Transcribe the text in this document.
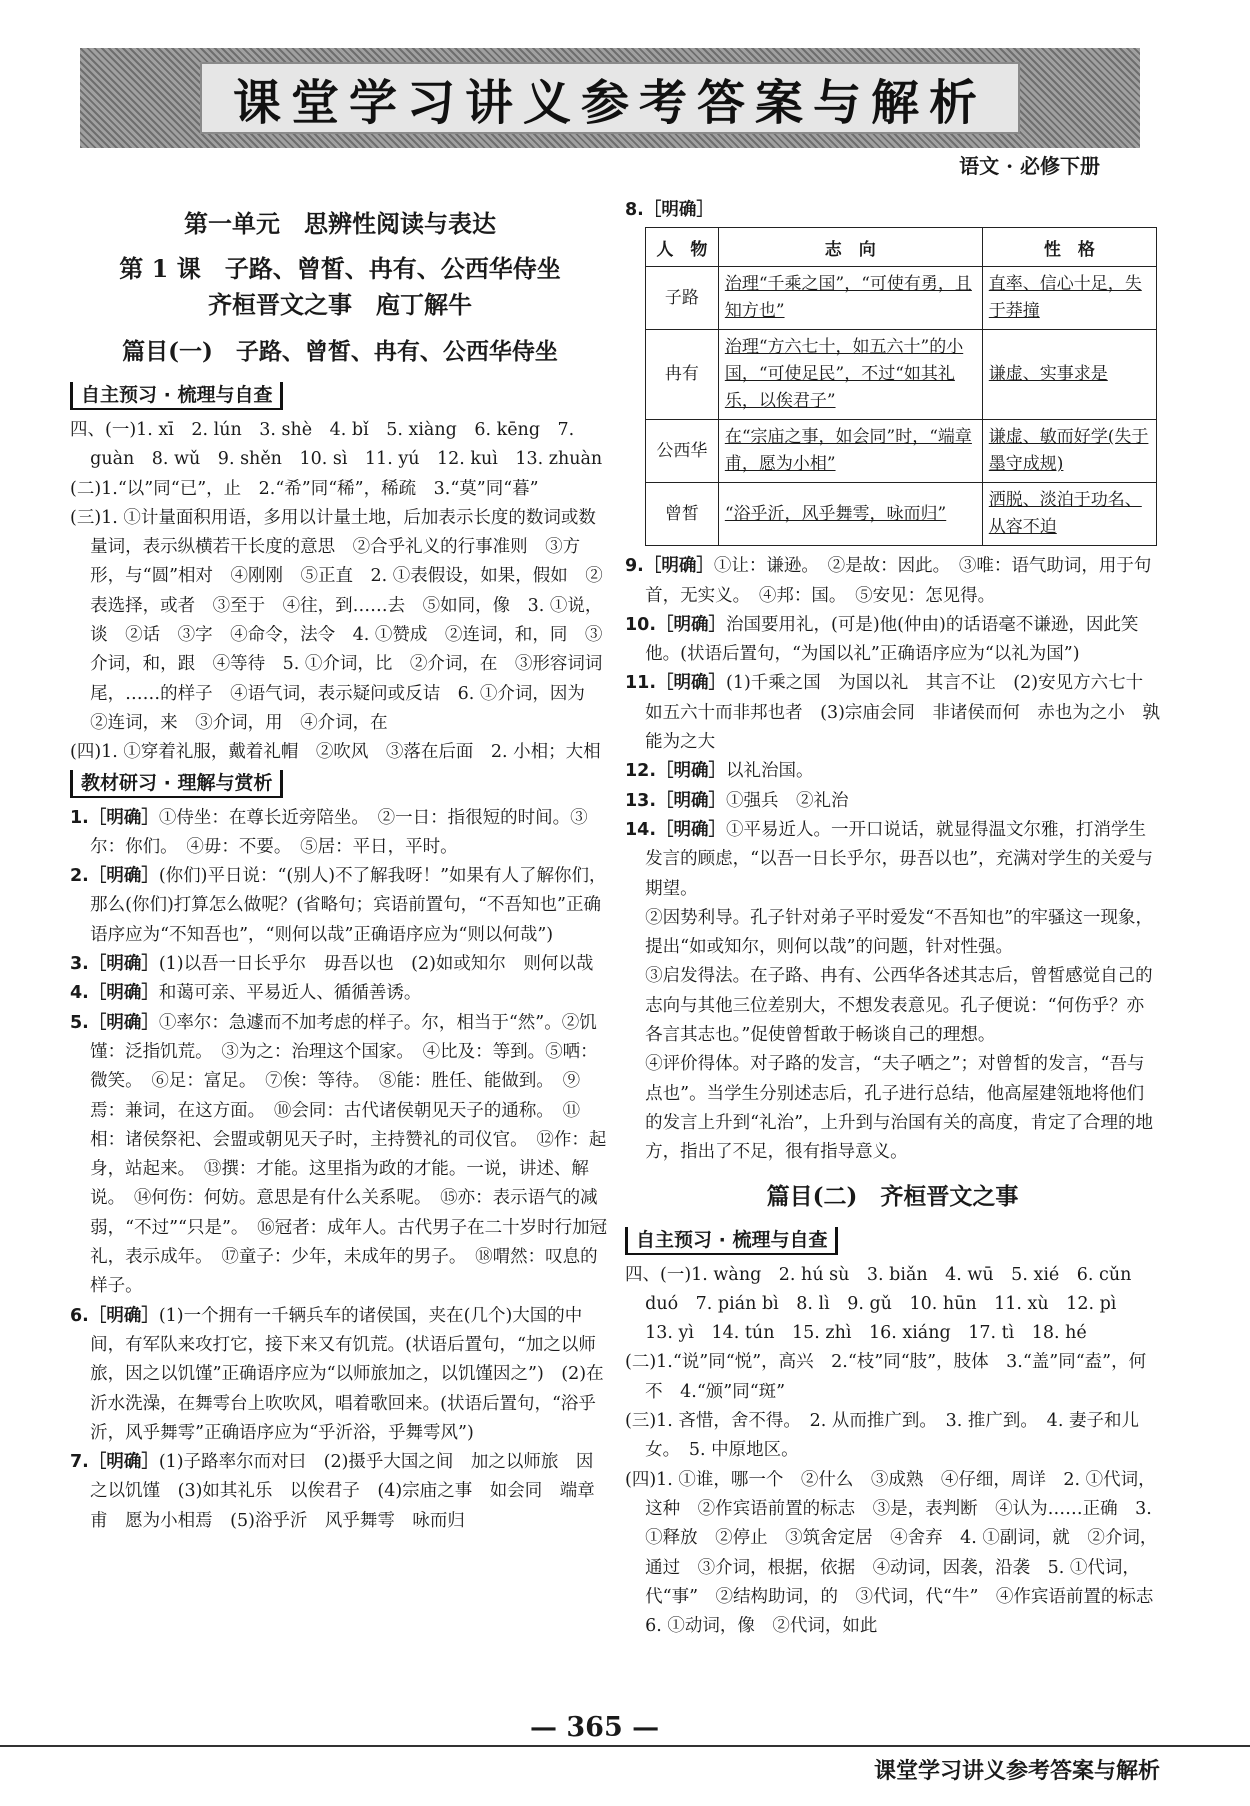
课堂学习讲义参考答案与解析
语文 · 必修下册
第一单元　思辨性阅读与表达
第 1 课　子路、曾皙、冉有、公西华侍坐
齐桓晋文之事　庖丁解牛
篇目(一)　子路、曾皙、冉有、公西华侍坐
自主预习 · 梳理与自查

四、(一)1. xī　2. lún　3. shè　4. bǐ　5. xiàng　6. kēng　7. guàn　8. wǔ　9. shěn　10. sì　11. yú　12. kuì　13. zhuàn

(二)1.“以”同“已”，止　2.“希”同“稀”，稀疏　3.“莫”同“暮”

(三)1. ①计量面积用语，多用以计量土地，后加表示长度的数词或数量词，表示纵横若干长度的意思　②合乎礼义的行事准则　③方形，与“圆”相对　④刚刚　⑤正直　2. ①表假设，如果，假如　②表选择，或者　③至于　④往，到……去　⑤如同，像　3. ①说，谈　②话　③字　④命令，法令　4. ①赞成　②连词，和，同　③介词，和，跟　④等待　5. ①介词，比　②介词，在　③形容词词尾，……的样子　④语气词，表示疑问或反诘　6. ①介词，因为　②连词，来　③介词，用　④介词，在

(四)1. ①穿着礼服，戴着礼帽　②吹风　③落在后面　2. 小相；大相

教材研习 · 理解与赏析

1.［明确］①侍坐：在尊长近旁陪坐。　②一日：指很短的时间。③尔：你们。　④毋：不要。　⑤居：平日，平时。

2.［明确］(你们)平日说：“(别人)不了解我呀！”如果有人了解你们，那么(你们)打算怎么做呢？(省略句；宾语前置句，“不吾知也”正确语序应为“不知吾也”，“则何以哉”正确语序应为“则以何哉”)

3.［明确］(1)以吾一日长乎尔　毋吾以也　(2)如或知尔　则何以哉

4.［明确］和蔼可亲、平易近人、循循善诱。

5.［明确］①率尔：急遽而不加考虑的样子。尔，相当于“然”。②饥馑：泛指饥荒。　③为之：治理这个国家。　④比及：等到。⑤哂：微笑。　⑥足：富足。　⑦俟：等待。　⑧能：胜任、能做到。　⑨焉：兼词，在这方面。　⑩会同：古代诸侯朝见天子的通称。　⑪相：诸侯祭祀、会盟或朝见天子时，主持赞礼的司仪官。　⑫作：起身，站起来。　⑬撰：才能。这里指为政的才能。一说，讲述、解说。　⑭何伤：何妨。意思是有什么关系呢。　⑮亦：表示语气的减弱，“不过”“只是”。　⑯冠者：成年人。古代男子在二十岁时行加冠礼，表示成年。　⑰童子：少年，未成年的男子。　⑱喟然：叹息的样子。

6.［明确］(1)一个拥有一千辆兵车的诸侯国，夹在(几个)大国的中间，有军队来攻打它，接下来又有饥荒。(状语后置句，“加之以师旅，因之以饥馑”正确语序应为“以师旅加之，以饥馑因之”)　(2)在沂水洗澡，在舞雩台上吹吹风，唱着歌回来。(状语后置句，“浴乎沂，风乎舞雩”正确语序应为“乎沂浴，乎舞雩风”)

7.［明确］(1)子路率尔而对曰　(2)摄乎大国之间　加之以师旅　因之以饥馑　(3)如其礼乐　以俟君子　(4)宗庙之事　如会同　端章甫　愿为小相焉　(5)浴乎沂　风乎舞雩　咏而归

8.［明确］
人　物	志　向	性　格
子路	治理“千乘之国”，“可使有勇，且知方也”	直率、信心十足，失于莽撞
冉有	治理“方六七十，如五六十”的小国，“可使足民”，不过“如其礼乐，以俟君子”	谦虚、实事求是
公西华	在“宗庙之事，如会同”时，“端章甫，愿为小相”	谦虚、敏而好学(失于墨守成规)
曾皙	“浴乎沂，风乎舞雩，咏而归”	洒脱、淡泊于功名、从容不迫

9.［明确］①让：谦逊。　②是故：因此。　③唯：语气助词，用于句首，无实义。　④邦：国。　⑤安见：怎见得。

10.［明确］治国要用礼，(可是)他(仲由)的话语毫不谦逊，因此笑他。(状语后置句，“为国以礼”正确语序应为“以礼为国”)

11.［明确］(1)千乘之国　为国以礼　其言不让　(2)安见方六七十如五六十而非邦也者　(3)宗庙会同　非诸侯而何　赤也为之小　孰能为之大

12.［明确］以礼治国。

13.［明确］①强兵　②礼治

14.［明确］①平易近人。一开口说话，就显得温文尔雅，打消学生发言的顾虑，“以吾一日长乎尔，毋吾以也”，充满对学生的关爱与期望。

②因势利导。孔子针对弟子平时爱发“不吾知也”的牢骚这一现象，提出“如或知尔，则何以哉”的问题，针对性强。

③启发得法。在子路、冉有、公西华各述其志后，曾皙感觉自己的志向与其他三位差别大，不想发表意见。孔子便说：“何伤乎？亦各言其志也。”促使曾皙敢于畅谈自己的理想。

④评价得体。对子路的发言，“夫子哂之”；对曾皙的发言，“吾与点也”。当学生分别述志后，孔子进行总结，他高屋建瓴地将他们的发言上升到“礼治”，上升到与治国有关的高度，肯定了合理的地方，指出了不足，很有指导意义。

篇目(二)　齐桓晋文之事
自主预习 · 梳理与自查

四、(一)1. wàng　2. hú sù　3. biǎn　4. wū　5. xié　6. cǔn duó　7. pián bì　8. lì　9. gǔ　10. hūn　11. xù　12. pì　13. yì　14. tún　15. zhì　16. xiáng　17. tì　18. hé

(二)1.“说”同“悦”，高兴　2.“枝”同“肢”，肢体　3.“盖”同“盍”，何不　4.“颁”同“斑”

(三)1. 吝惜，舍不得。　2. 从而推广到。　3. 推广到。　4. 妻子和儿女。　5. 中原地区。

(四)1. ①谁，哪一个　②什么　③成熟　④仔细，周详　2. ①代词，这种　②作宾语前置的标志　③是，表判断　④认为……正确　3. ①释放　②停止　③筑舍定居　④舍弃　4. ①副词，就　②介词，通过　③介词，根据，依据　④动词，因袭，沿袭　5. ①代词，代“事”　②结构助词，的　③代词，代“牛”　④作宾语前置的标志　6. ①动词，像　②代词，如此

— 365 —
课堂学习讲义参考答案与解析
